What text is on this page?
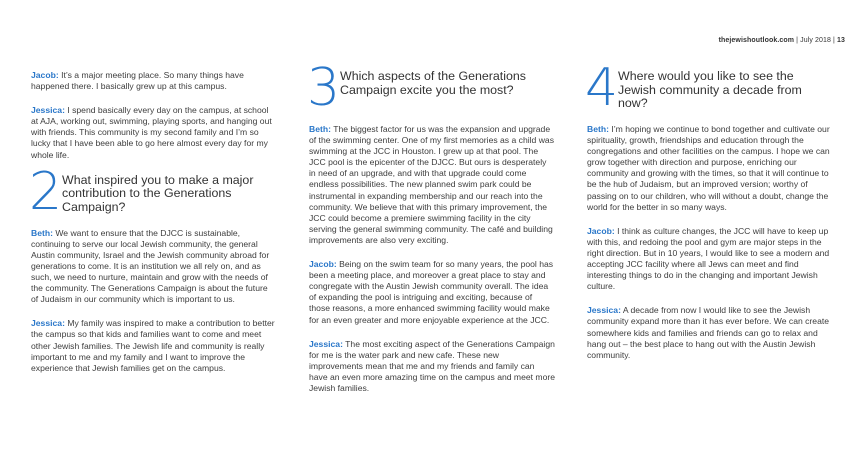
thejewishoutlook.com | July 2018 | 13

Jacob: It’s a major meeting place. So many things have happened there. I basically grew up at this campus.

Jessica: I spend basically every day on the campus, at school at AJA, working out, swimming, playing sports, and hanging out with friends. This community is my second family and I’m so lucky that I have been able to go here almost every day for my whole life.

2 What inspired you to make a major contribution to the Generations Campaign?

Beth: We want to ensure that the DJCC is sustainable, continuing to serve our local Jewish community, the general Austin community, Israel and the Jewish community abroad for generations to come. It is an institution we all rely on, and as such, we need to nurture, maintain and grow with the needs of the community. The Generations Campaign is about the future of Judaism in our community which is important to us.

Jessica: My family was inspired to make a contribution to better the campus so that kids and families want to come and meet other Jewish families. The Jewish life and community is really important to me and my family and I want to improve the experience that Jewish families get on the campus.

3 Which aspects of the Generations Campaign excite you the most?

Beth: The biggest factor for us was the expansion and upgrade of the swimming center. One of my first memories as a child was swimming at the JCC in Houston. I grew up at that pool. The JCC pool is the epicenter of the DJCC. But ours is desperately in need of an upgrade, and with that upgrade could come endless possibilities. The new planned swim park could be instrumental in expanding membership and our reach into the community. We believe that with this primary improvement, the JCC could become a premiere swimming facility in the city serving the general swimming community. The café and building improvements are also very exciting.

Jacob: Being on the swim team for so many years, the pool has been a meeting place, and moreover a great place to stay and congregate with the Austin Jewish community overall. The idea of expanding the pool is intriguing and exciting, because of those reasons, a more enhanced swimming facility would make for an even greater and more enjoyable experience at the JCC.

Jessica: The most exciting aspect of the Generations Campaign for me is the water park and new cafe. These new improvements mean that me and my friends and family can have an even more amazing time on the campus and meet more Jewish families.

4 Where would you like to see the Jewish community a decade from now?

Beth: I’m hoping we continue to bond together and cultivate our spirituality, growth, friendships and education through the congregations and other facilities on the campus. I hope we can grow together with direction and purpose, enriching our community and growing with the times, so that it will continue to be the hub of Judaism, but an improved version; worthy of passing on to our children, who will without a doubt, change the world for the better in so many ways.

Jacob: I think as culture changes, the JCC will have to keep up with this, and redoing the pool and gym are major steps in the right direction. But in 10 years, I would like to see a modern and accepting JCC facility where all Jews can meet and find interesting things to do in the changing and important Jewish culture.

Jessica: A decade from now I would like to see the Jewish community expand more than it has ever before. We can create somewhere kids and families and friends can go to relax and hang out – the best place to hang out with the Austin Jewish community.
